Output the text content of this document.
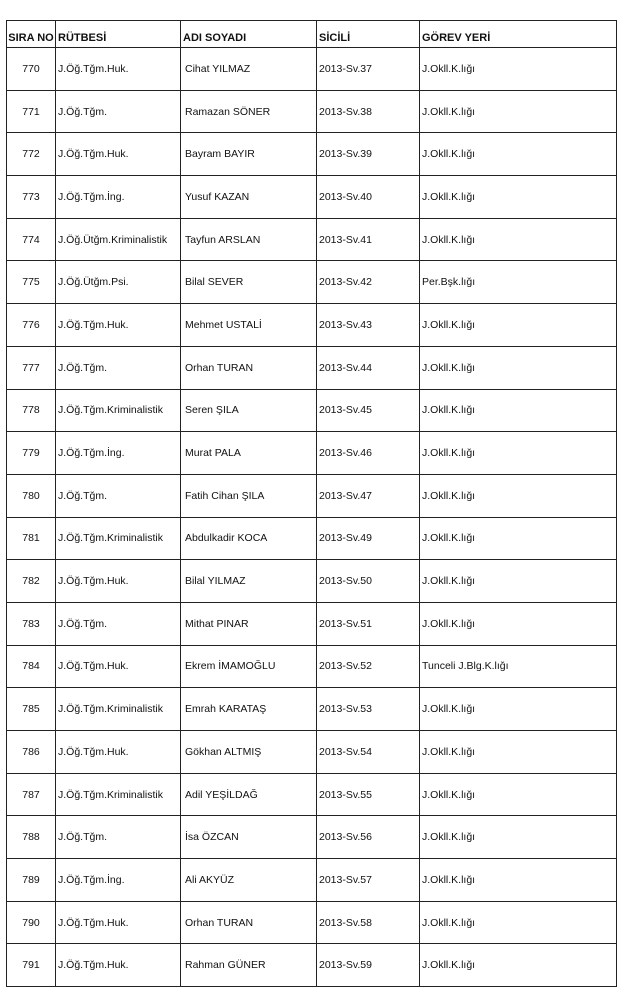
SIRA NO	RÜTBESİ	ADI SOYADI	SİCİLİ	GÖREV YERİ
770	J.Öğ.Tğm.Huk.	Cihat YILMAZ	2013-Sv.37	J.Okll.K.lığı
771	J.Öğ.Tğm.	Ramazan SÖNER	2013-Sv.38	J.Okll.K.lığı
772	J.Öğ.Tğm.Huk.	Bayram BAYIR	2013-Sv.39	J.Okll.K.lığı
773	J.Öğ.Tğm.İng.	Yusuf KAZAN	2013-Sv.40	J.Okll.K.lığı
774	J.Öğ.Ütğm.Kriminalistik	Tayfun ARSLAN	2013-Sv.41	J.Okll.K.lığı
775	J.Öğ.Ütğm.Psi.	Bilal SEVER	2013-Sv.42	Per.Bşk.lığı
776	J.Öğ.Tğm.Huk.	Mehmet USTALİ	2013-Sv.43	J.Okll.K.lığı
777	J.Öğ.Tğm.	Orhan TURAN	2013-Sv.44	J.Okll.K.lığı
778	J.Öğ.Tğm.Kriminalistik	Seren ŞILA	2013-Sv.45	J.Okll.K.lığı
779	J.Öğ.Tğm.İng.	Murat PALA	2013-Sv.46	J.Okll.K.lığı
780	J.Öğ.Tğm.	Fatih Cihan ŞILA	2013-Sv.47	J.Okll.K.lığı
781	J.Öğ.Tğm.Kriminalistik	Abdulkadir KOCA	2013-Sv.49	J.Okll.K.lığı
782	J.Öğ.Tğm.Huk.	Bilal YILMAZ	2013-Sv.50	J.Okll.K.lığı
783	J.Öğ.Tğm.	Mithat PINAR	2013-Sv.51	J.Okll.K.lığı
784	J.Öğ.Tğm.Huk.	Ekrem İMAMOĞLU	2013-Sv.52	Tunceli J.Blg.K.lığı
785	J.Öğ.Tğm.Kriminalistik	Emrah KARATAŞ	2013-Sv.53	J.Okll.K.lığı
786	J.Öğ.Tğm.Huk.	Gökhan ALTMIŞ	2013-Sv.54	J.Okll.K.lığı
787	J.Öğ.Tğm.Kriminalistik	Adil YEŞİLDAĞ	2013-Sv.55	J.Okll.K.lığı
788	J.Öğ.Tğm.	İsa ÖZCAN	2013-Sv.56	J.Okll.K.lığı
789	J.Öğ.Tğm.İng.	Ali AKYÜZ	2013-Sv.57	J.Okll.K.lığı
790	J.Öğ.Tğm.Huk.	Orhan TURAN	2013-Sv.58	J.Okll.K.lığı
791	J.Öğ.Tğm.Huk.	Rahman GÜNER	2013-Sv.59	J.Okll.K.lığı
